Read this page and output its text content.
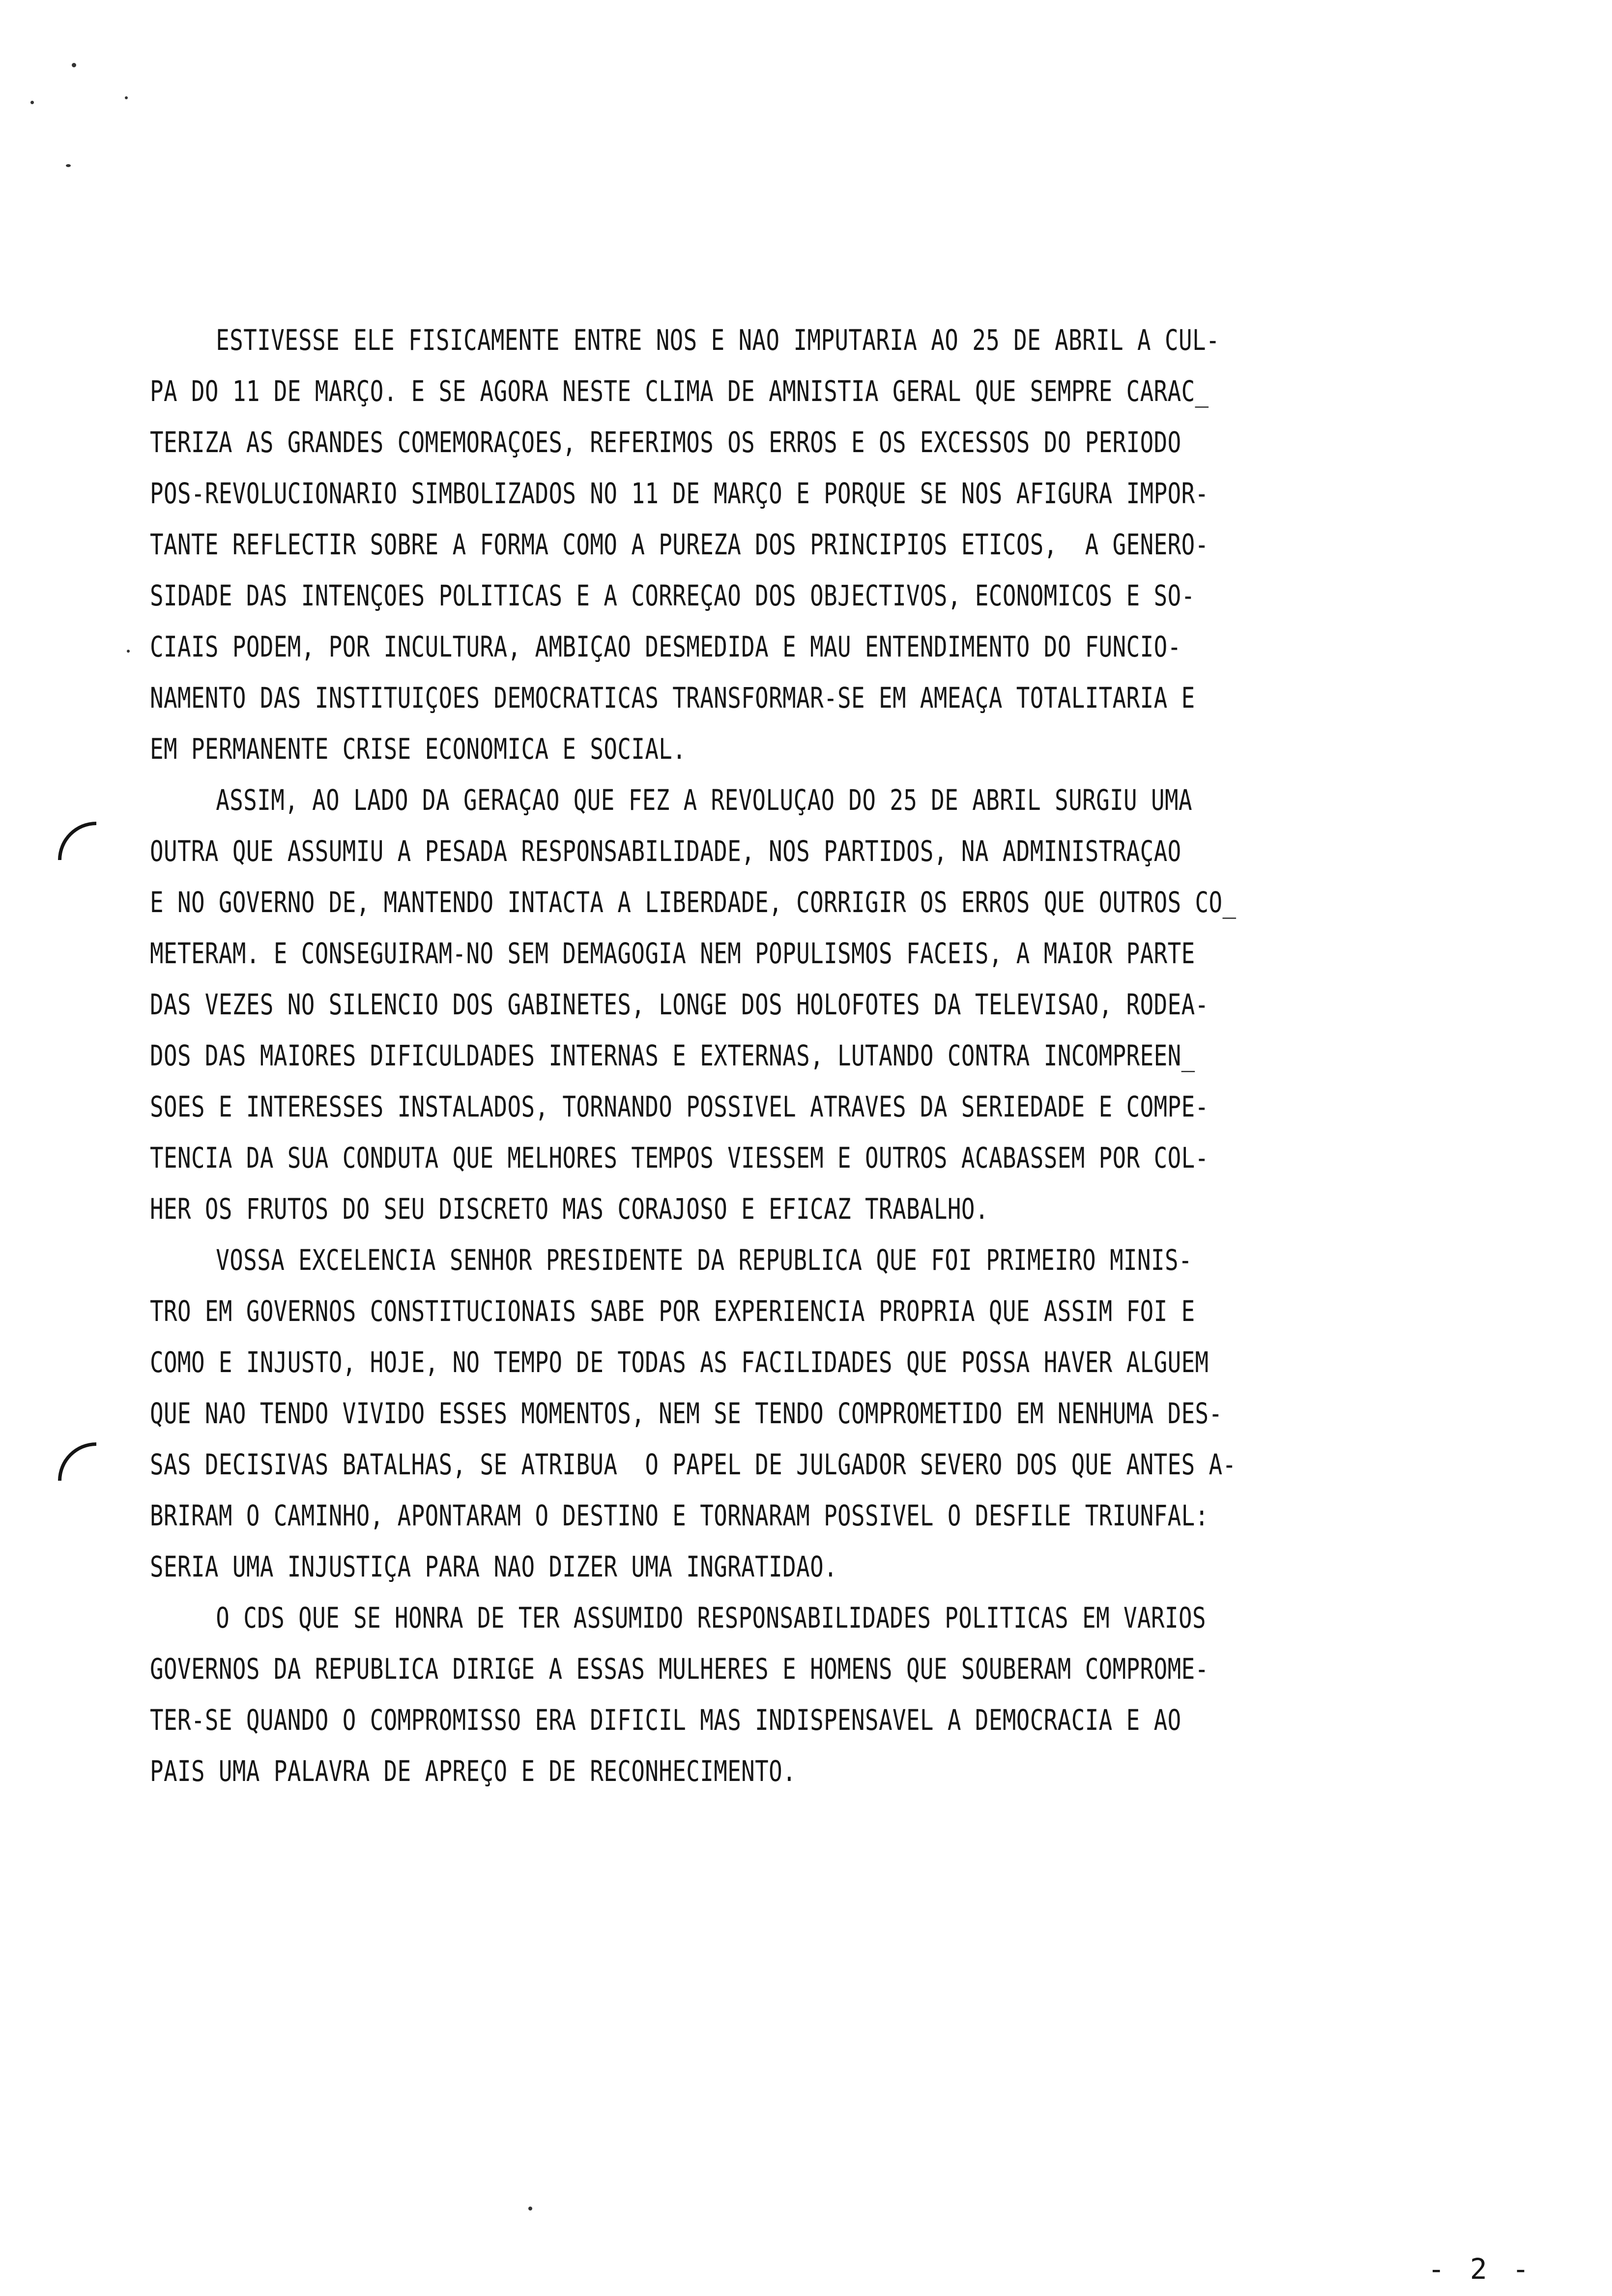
ESTIVESSE ELE FISICAMENTE ENTRE NOS E NAO IMPUTARIA AO 25 DE ABRIL A CUL-
PA DO 11 DE MARÇO. E SE AGORA NESTE CLIMA DE AMNISTIA GERAL QUE SEMPRE CARAC_
TERIZA AS GRANDES COMEMORAÇOES, REFERIMOS OS ERROS E OS EXCESSOS DO PERIODO
POS-REVOLUCIONARIO SIMBOLIZADOS NO 11 DE MARÇO E PORQUE SE NOS AFIGURA IMPOR-
TANTE REFLECTIR SOBRE A FORMA COMO A PUREZA DOS PRINCIPIOS ETICOS,  A GENERO-
SIDADE DAS INTENÇOES POLITICAS E A CORREÇAO DOS OBJECTIVOS, ECONOMICOS E SO-
CIAIS PODEM, POR INCULTURA, AMBIÇAO DESMEDIDA E MAU ENTENDIMENTO DO FUNCIO-
NAMENTO DAS INSTITUIÇOES DEMOCRATICAS TRANSFORMAR-SE EM AMEAÇA TOTALITARIA E
EM PERMANENTE CRISE ECONOMICA E SOCIAL.
ASSIM, AO LADO DA GERAÇAO QUE FEZ A REVOLUÇAO DO 25 DE ABRIL SURGIU UMA
OUTRA QUE ASSUMIU A PESADA RESPONSABILIDADE, NOS PARTIDOS, NA ADMINISTRAÇAO
E NO GOVERNO DE, MANTENDO INTACTA A LIBERDADE, CORRIGIR OS ERROS QUE OUTROS CO_
METERAM. E CONSEGUIRAM-NO SEM DEMAGOGIA NEM POPULISMOS FACEIS, A MAIOR PARTE
DAS VEZES NO SILENCIO DOS GABINETES, LONGE DOS HOLOFOTES DA TELEVISAO, RODEA-
DOS DAS MAIORES DIFICULDADES INTERNAS E EXTERNAS, LUTANDO CONTRA INCOMPREEN_
SOES E INTERESSES INSTALADOS, TORNANDO POSSIVEL ATRAVES DA SERIEDADE E COMPE-
TENCIA DA SUA CONDUTA QUE MELHORES TEMPOS VIESSEM E OUTROS ACABASSEM POR COL-
HER OS FRUTOS DO SEU DISCRETO MAS CORAJOSO E EFICAZ TRABALHO.
VOSSA EXCELENCIA SENHOR PRESIDENTE DA REPUBLICA QUE FOI PRIMEIRO MINIS-
TRO EM GOVERNOS CONSTITUCIONAIS SABE POR EXPERIENCIA PROPRIA QUE ASSIM FOI E
COMO E INJUSTO, HOJE, NO TEMPO DE TODAS AS FACILIDADES QUE POSSA HAVER ALGUEM
QUE NAO TENDO VIVIDO ESSES MOMENTOS, NEM SE TENDO COMPROMETIDO EM NENHUMA DES-
SAS DECISIVAS BATALHAS, SE ATRIBUA  O PAPEL DE JULGADOR SEVERO DOS QUE ANTES A-
BRIRAM O CAMINHO, APONTARAM O DESTINO E TORNARAM POSSIVEL O DESFILE TRIUNFAL:
SERIA UMA INJUSTIÇA PARA NAO DIZER UMA INGRATIDAO.
O CDS QUE SE HONRA DE TER ASSUMIDO RESPONSABILIDADES POLITICAS EM VARIOS
GOVERNOS DA REPUBLICA DIRIGE A ESSAS MULHERES E HOMENS QUE SOUBERAM COMPROME-
TER-SE QUANDO O COMPROMISSO ERA DIFICIL MAS INDISPENSAVEL A DEMOCRACIA E AO
PAIS UMA PALAVRA DE APREÇO E DE RECONHECIMENTO.
- 2 -
